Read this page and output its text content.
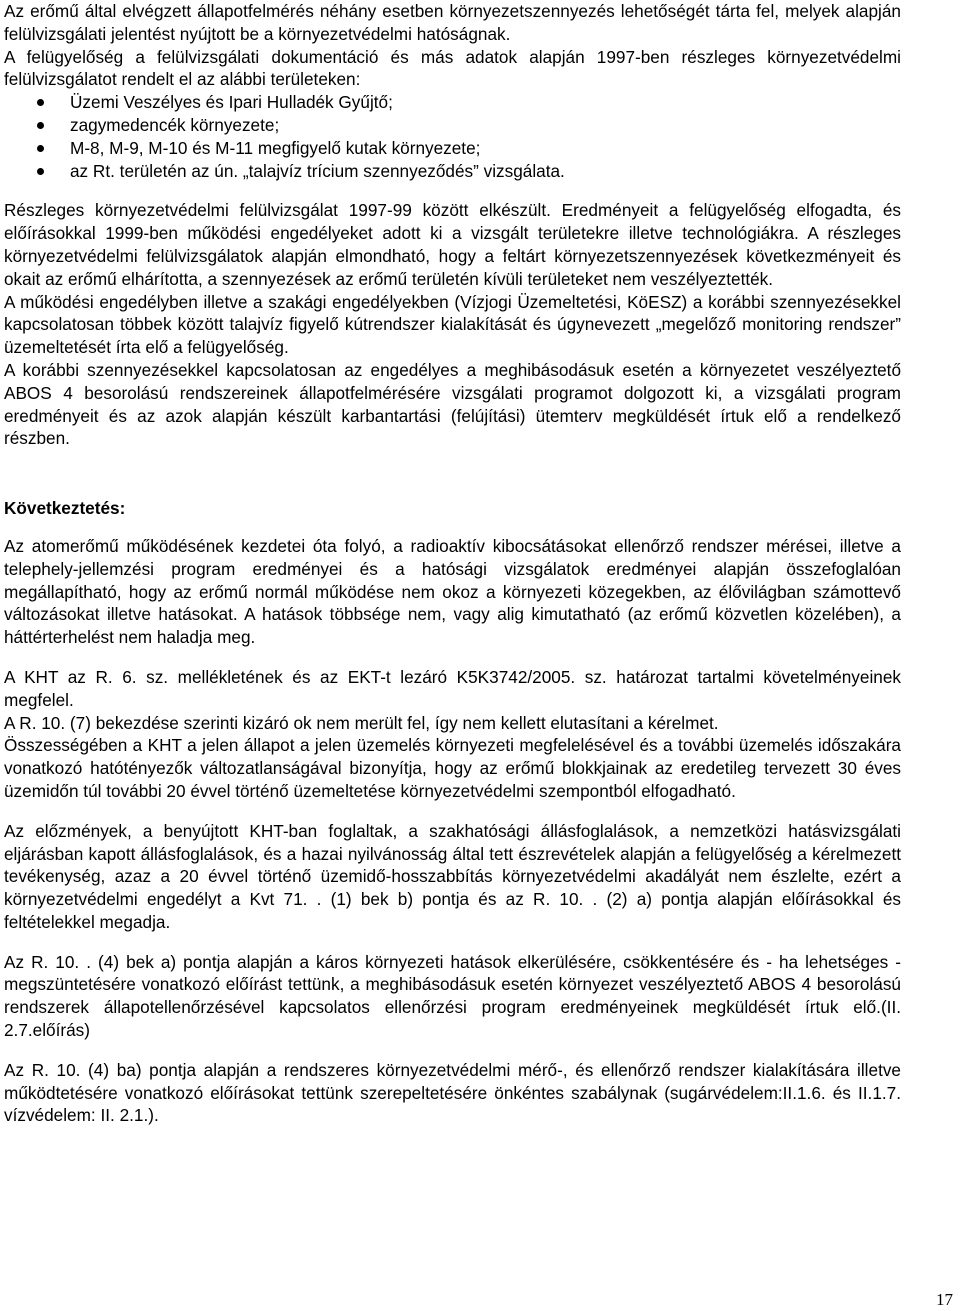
Az erőmű által elvégzett állapotfelmérés néhány esetben környezetszennyezés lehetőségét tárta fel, melyek alapján felülvizsgálati jelentést nyújtott be a környezetvédelmi hatóságnak.

A felügyelőség a felülvizsgálati dokumentáció és más adatok alapján 1997-ben részleges környezetvédelmi felülvizsgálatot rendelt el az alábbi területeken:

Üzemi Veszélyes és Ipari Hulladék Gyűjtő;
zagymedencék környezete;
M-8, M-9, M-10 és M-11 megfigyelő kutak környezete;
az Rt. területén az ún. „talajvíz trícium szennyeződés” vizsgálata.

Részleges környezetvédelmi felülvizsgálat 1997-99 között elkészült. Eredményeit a felügyelőség elfogadta, és előírásokkal 1999-ben működési engedélyeket adott ki a vizsgált területekre illetve technológiákra. A részleges környezetvédelmi felülvizsgálatok alapján elmondható, hogy a feltárt környezetszennyezések következményeit és okait az erőmű elhárította, a szennyezések az erőmű területén kívüli területeket nem veszélyeztették.

A működési engedélyben illetve a szakági engedélyekben (Vízjogi Üzemeltetési, KöESZ) a korábbi szennyezésekkel kapcsolatosan többek között talajvíz figyelő kútrendszer kialakítását és úgynevezett „megelőző monitoring rendszer” üzemeltetését írta elő a felügyelőség.

A korábbi szennyezésekkel kapcsolatosan az engedélyes a meghibásodásuk esetén a környezetet veszélyeztető ABOS 4 besorolású rendszereinek állapotfelmérésére vizsgálati programot dolgozott ki, a vizsgálati program eredményeit és az azok alapján készült karbantartási (felújítási) ütemterv megküldését írtuk elő a rendelkező részben.

Következtetés:

Az atomerőmű működésének kezdetei óta folyó, a radioaktív kibocsátásokat ellenőrző rendszer mérései, illetve a telephely-jellemzési program eredményei és a hatósági vizsgálatok eredményei alapján összefoglalóan megállapítható, hogy az erőmű normál működése nem okoz a környezeti közegekben, az élővilágban számottevő változásokat illetve hatásokat. A hatások többsége nem, vagy alig kimutatható (az erőmű közvetlen közelében), a háttérterhelést nem haladja meg.

A KHT az R. 6. sz. mellékletének és az EKT-t lezáró K5K3742/2005. sz. határozat tartalmi követelményeinek megfelel.

A R. 10. (7) bekezdése szerinti kizáró ok nem merült fel, így nem kellett elutasítani a kérelmet.

Összességében a KHT a jelen állapot a jelen üzemelés környezeti megfelelésével és a további üzemelés időszakára vonatkozó hatótényezők változatlanságával bizonyítja, hogy az erőmű blokkjainak az eredetileg tervezett 30 éves üzemidőn túl további 20 évvel történő üzemeltetése környezetvédelmi szempontból elfogadható.

Az előzmények, a benyújtott KHT-ban foglaltak, a szakhatósági állásfoglalások, a nemzetközi hatásvizsgálati eljárásban kapott állásfoglalások, és a hazai nyilvánosság által tett észrevételek alapján a felügyelőség a kérelmezett tevékenység, azaz a 20 évvel történő üzemidő-hosszabbítás környezetvédelmi akadályát nem észlelte, ezért a környezetvédelmi engedélyt a Kvt 71. . (1) bek b) pontja és az R. 10. . (2) a) pontja alapján előírásokkal és feltételekkel megadja.

Az R. 10. . (4) bek a) pontja alapján a káros környezeti hatások elkerülésére, csökkentésére és - ha lehetséges - megszüntetésére vonatkozó előírást tettünk, a meghibásodásuk esetén környezet veszélyeztető ABOS 4 besorolású rendszerek állapotellenőrzésével kapcsolatos ellenőrzési program eredményeinek megküldését írtuk elő.(II. 2.7.előírás)

Az R. 10. (4) ba) pontja alapján a rendszeres környezetvédelmi mérő-, és ellenőrző rendszer kialakítására illetve működtetésére vonatkozó előírásokat tettünk szerepeltetésére önkéntes szabálynak (sugárvédelem:II.1.6. és II.1.7. vízvédelem: II. 2.1.).

17
